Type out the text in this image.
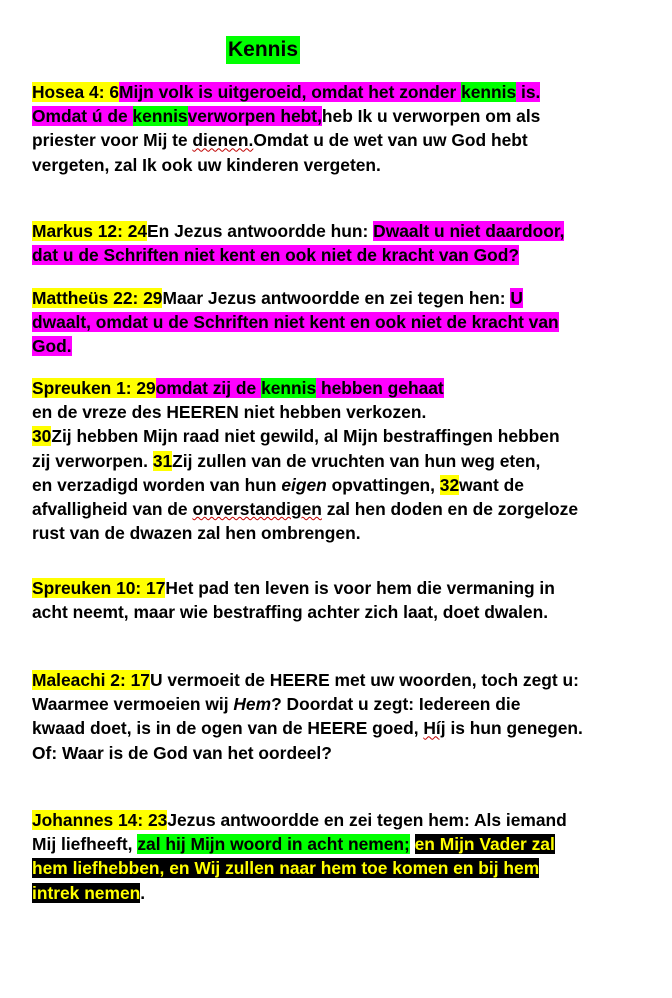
Kennis
Hosea 4: 6Mijn volk is uitgeroeid, omdat het zonder kennis is.
Omdat ú de kennisverworpen hebt,heb Ik u verworpen om als
priester voor Mij te dienen.Omdat u de wet van uw God hebt
vergeten, zal Ik ook uw kinderen vergeten.
Markus 12: 24En Jezus antwoordde hun: Dwaalt u niet daardoor,
dat u de Schriften niet kent en ook niet de kracht van God?
Mattheüs 22: 29Maar Jezus antwoordde en zei tegen hen: U
dwaalt, omdat u de Schriften niet kent en ook niet de kracht van
God.
Spreuken 1: 29omdat zij de kennis hebben gehaat
en de vreze des HEEREN niet hebben verkozen.
30Zij hebben Mijn raad niet gewild, al Mijn bestraffingen hebben
zij verworpen. 31Zij zullen van de vruchten van hun weg eten,
en verzadigd worden van hun eigen opvattingen, 32want de
afvalligheid van de onverstandigen zal hen doden en de zorgeloze
rust van de dwazen zal hen ombrengen.
Spreuken 10: 17Het pad ten leven is voor hem die vermaning in
acht neemt, maar wie bestraffing achter zich laat, doet dwalen.
Maleachi 2: 17U vermoeit de HEERE met uw woorden, toch zegt u:
Waarmee vermoeien wij Hem? Doordat u zegt: Iedereen die
kwaad doet, is in de ogen van de HEERE goed, Híj is hun genegen.
Of: Waar is de God van het oordeel?
Johannes 14: 23Jezus antwoordde en zei tegen hem: Als iemand
Mij liefheeft, zal hij Mijn woord in acht nemen; en Mijn Vader zal
hem liefhebben, en Wij zullen naar hem toe komen en bij hem
intrek nemen.
